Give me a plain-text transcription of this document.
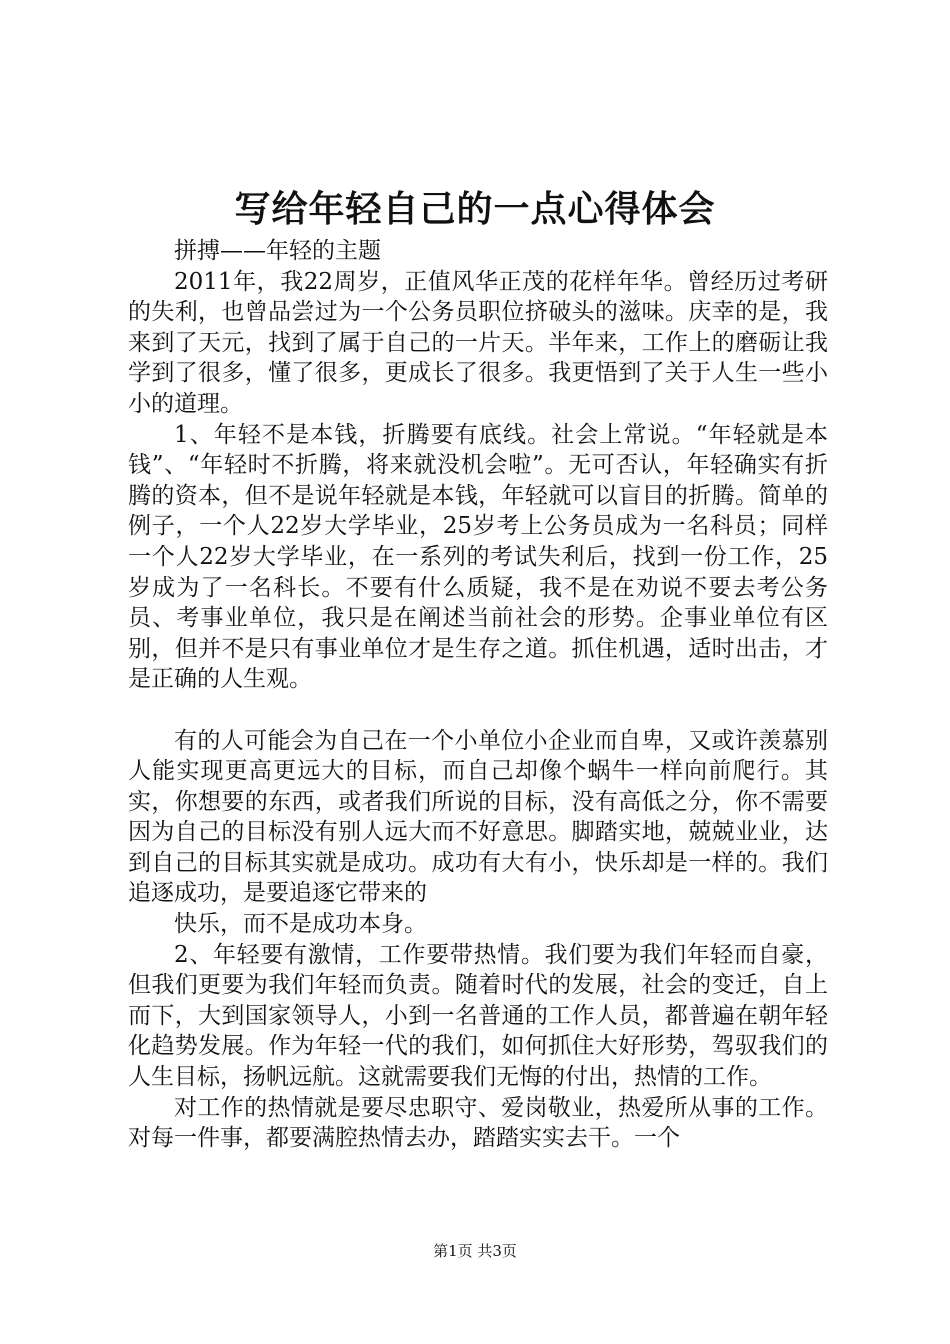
写给年轻自己的一点心得体会

拼搏——年轻的主题

2011年，我22周岁，正值风华正茂的花样年华。曾经历过考研的失利，也曾品尝过为一个公务员职位挤破头的滋味。庆幸的是，我来到了天元，找到了属于自己的一片天。半年来，工作上的磨砺让我学到了很多，懂了很多，更成长了很多。我更悟到了关于人生一些小小的道理。

1、年轻不是本钱，折腾要有底线。社会上常说。“年轻就是本钱”、“年轻时不折腾，将来就没机会啦”。无可否认，年轻确实有折腾的资本，但不是说年轻就是本钱，年轻就可以盲目的折腾。简单的例子，一个人22岁大学毕业，25岁考上公务员成为一名科员；同样一个人22岁大学毕业，在一系列的考试失利后，找到一份工作，25岁成为了一名科长。不要有什么质疑，我不是在劝说不要去考公务员、考事业单位，我只是在阐述当前社会的形势。企事业单位有区别，但并不是只有事业单位才是生存之道。抓住机遇，适时出击，才是正确的人生观。

有的人可能会为自己在一个小单位小企业而自卑，又或许羡慕别人能实现更高更远大的目标，而自己却像个蜗牛一样向前爬行。其实，你想要的东西，或者我们所说的目标，没有高低之分，你不需要因为自己的目标没有别人远大而不好意思。脚踏实地，兢兢业业，达到自己的目标其实就是成功。成功有大有小，快乐却是一样的。我们追逐成功，是要追逐它带来的

快乐，而不是成功本身。

2、年轻要有激情，工作要带热情。我们要为我们年轻而自豪，但我们更要为我们年轻而负责。随着时代的发展，社会的变迁，自上而下，大到国家领导人，小到一名普通的工作人员，都普遍在朝年轻化趋势发展。作为年轻一代的我们，如何抓住大好形势，驾驭我们的人生目标，扬帆远航。这就需要我们无悔的付出，热情的工作。

对工作的热情就是要尽忠职守、爱岗敬业，热爱所从事的工作。对每一件事，都要满腔热情去办，踏踏实实去干。一个

第1页 共3页
